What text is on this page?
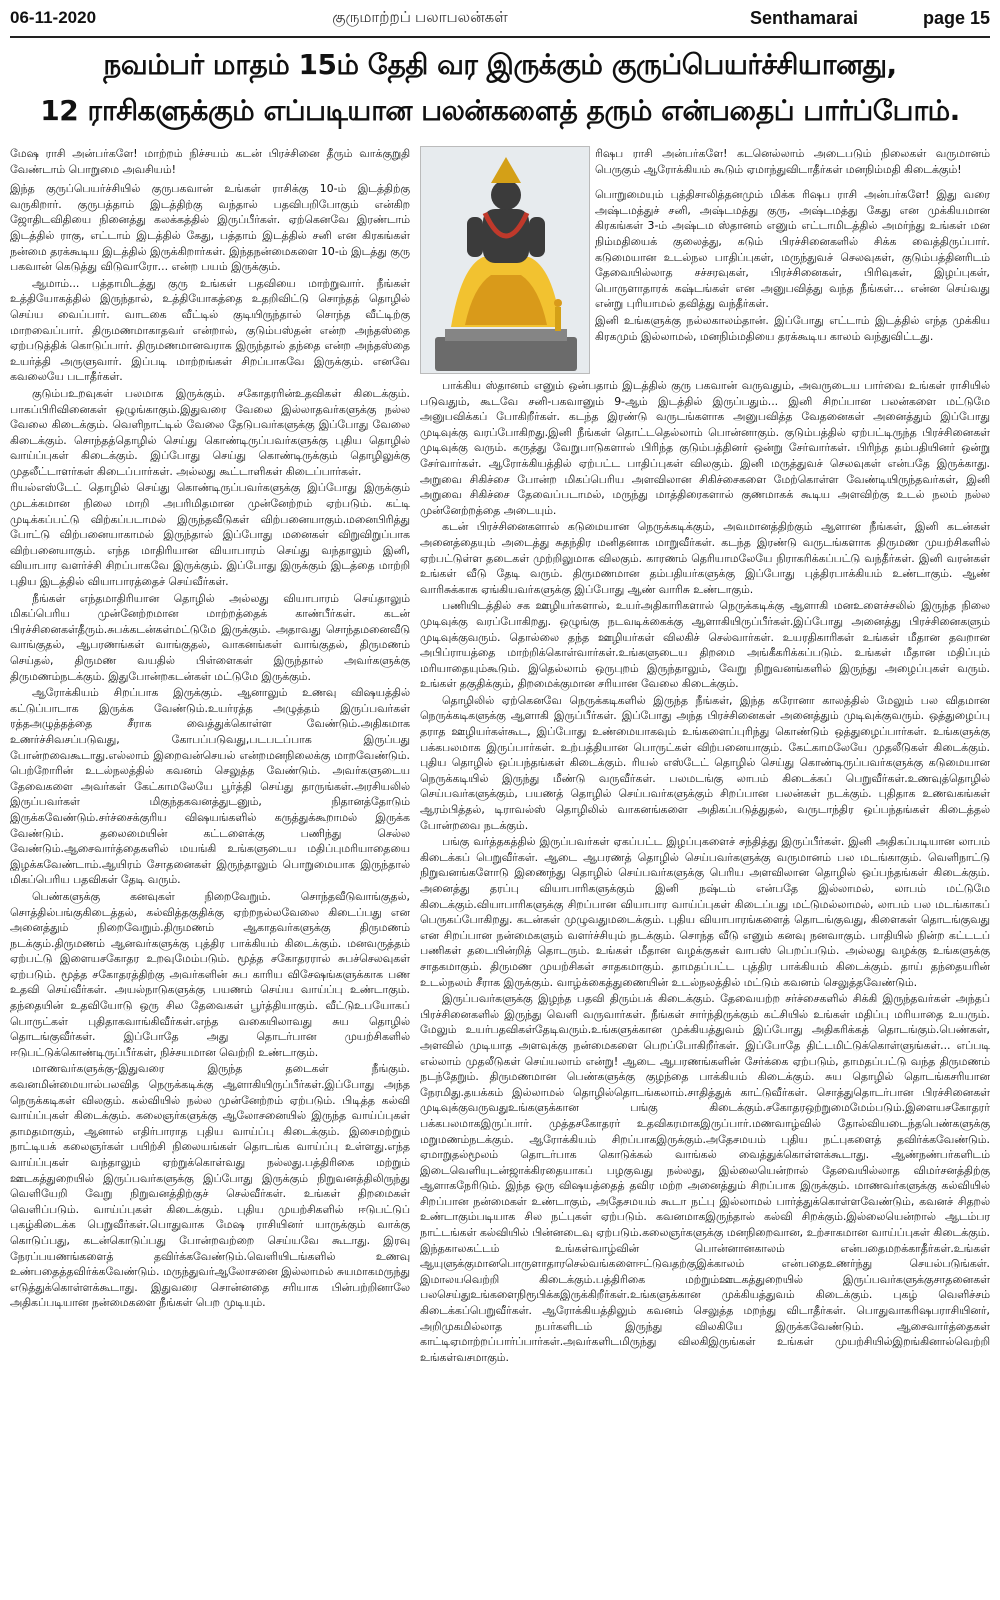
06-11-2020	குருமாற்றப் பலாபலன்கள்	Senthamarai	page 15
நவம்பர் மாதம் 15ம் தேதி வர இருக்கும் குருப்பெயர்ச்சியானது,
12 ராசிகளுக்கும் எப்படியான பலன்களைத் தரும் என்பதைப் பார்ப்போம்.

மேஷ ராசி அன்பர்களே! மாற்றம் நிச்சயம் கடன் பிரச்சினை தீரும் வாக்குறுதி வேண்டாம் பொறுமை அவசியம்!

இந்த குருப்பெயர்ச்சியில் குருபகவான் உங்கள் ராசிக்கு 10-ம் இடத்திற்கு வருகிறார். குருபத்தாம் இடத்திற்கு வந்தால் பதவிபறிபோகும் என்கிற ஜோதிடவிதியை நினைத்து கலக்கத்தில் இருப்பீர்கள். ஏற்கெனவே இரண்டாம் இடத்தில் ராகு, எட்டாம் இடத்தில் கேது, பத்தாம் இடத்தில் சனி என கிரகங்கள் நன்மை தரக்கூடிய இடத்தில் இருக்கிறார்கள். இந்தநன்மைகளை 10-ம் இடத்து குரு பகவான் கெடுத்து விடுவாரோ... என்ற பயம் இருக்கும்.

ஆமாம்... பத்தாமிடத்து குரு உங்கள் பதவியை மாற்றுவார். நீங்கள் உத்தியோகத்தில் இருந்தால், உத்தியோகத்தை உதறிவிட்டு சொந்தத் தொழில் செய்ய வைப்பார். வாடகை வீட்டில் குடியிருந்தால் சொந்த வீட்டிற்கு மாறவைப்பார். திருமணமாகாதவர் என்றால், குடும்பஸ்தன் என்ற அந்தஸ்தை ஏற்படுத்திக் கொடுப்பார். திருமணமானவராக இருந்தால் தந்தை என்ற அந்தஸ்தை உயர்த்தி அருளுவார். இப்படி மாற்றங்கள் சிறப்பாகவே இருக்கும். எனவே கவலையே படாதீர்கள்.

குடும்பஉறவுகள் பலமாக இருக்கும். சகோதரரின்உதவிகள் கிடைக்கும். பாகப்பிரிவினைகள் ஒழுங்காகும்.இதுவரை வேலை இல்லாதவர்களுக்கு நல்ல வேலை கிடைக்கும். வெளிநாட்டில் வேலை தேடுபவர்களுக்கு இப்போது வேலை கிடைக்கும். சொந்தத்தொழில் செய்து கொண்டிருப்பவர்களுக்கு புதிய தொழில் வாய்ப்புகள் கிடைக்கும். இப்போது செய்து கொண்டிருக்கும் தொழிலுக்கு முதலீட்டாளர்கள் கிடைப்பார்கள். அல்லது கூட்டாளிகள் கிடைப்பார்கள்.

ரியல்எஸ்டேட் தொழில் செய்து கொண்டிருப்பவர்களுக்கு இப்போது இருக்கும் முடக்கமான நிலை மாறி அபரிமிதமான முன்னேற்றம் ஏற்படும். கட்டி முடிக்கப்பட்டு விற்கப்படாமல் இருந்தவீடுகள் விற்பனையாகும்.மனைபிரித்து போட்டு விற்பனையாகாமல் இருந்தால் இப்போது மனைகள் விறுவிறுப்பாக விற்பனையாகும். எந்த மாதிரியான வியாபாரம் செய்து வந்தாலும் இனி, வியாபார வளர்ச்சி சிறப்பாகவே இருக்கும். இப்போது இருக்கும் இடத்தை மாற்றி புதிய இடத்தில் வியாபாரத்தைச் செய்வீர்கள்.

நீங்கள் எந்தமாதிரியான தொழில் அல்லது வியாபாரம் செய்தாலும் மிகப்பெரிய முன்னேற்றமான மாற்றத்தைக் காண்பீர்கள். கடன் பிரச்சினைகள்தீரும்.சுபக்கடன்கள்மட்டுமே இருக்கும். அதாவது சொந்தமனைவீடு வாங்குதல், ஆபரணங்கள் வாங்குதல், வாகனங்கள் வாங்குதல், திருமணம் செய்தல், திருமண வயதில் பிள்ளைகள் இருந்தால் அவர்களுக்கு திருமணம்நடக்கும். இதுபோன்றகடன்கள் மட்டுமே இருக்கும்.

ஆரோக்கியம் சிறப்பாக இருக்கும். ஆனாலும் உணவு விஷயத்தில் கட்டுப்பாடாக இருக்க வேண்டும்.உயர்ரத்த அழுத்தம் இருப்பவர்கள் ரத்தஅழுத்தத்தை சீராக வைத்துக்கொள்ள வேண்டும்.அதிகமாக உணர்ச்சிவசப்படுவது, கோபப்படுவது,படபடப்பாக இருப்பது போன்றவைகூடாது.எல்லாம் இறைவன்செயல் என்றமனநிலைக்கு மாறவேண்டும். பெற்றோரின் உடல்நலத்தில் கவனம் செலுத்த வேண்டும். அவர்களுடைய தேவைகளை அவர்கள் கேட்காமலேயே பூர்த்தி செய்து தாருங்கள்.அரசியலில் இருப்பவர்கள் மிகுந்தகவனத்துடனும், நிதானத்தோடும் இருக்கவேண்டும்.சர்ச்சைக்குரிய விஷயங்களில் கருத்துக்கூறாமல் இருக்க வேண்டும். தலைமையின் கட்டளைக்கு பணிந்து செல்ல வேண்டும்.ஆசைவார்த்தைகளில் மயங்கி உங்களுடைய மதிப்புமரியாதையை இழக்கவேண்டாம்.ஆயிரம் சோதனைகள் இருந்தாலும் பொறுமையாக இருந்தால் மிகப்பெரிய பதவிகள் தேடி வரும்.

பெண்களுக்கு கனவுகள் நிறைவேறும். சொந்தவீடுவாங்குதல், சொத்தில்பங்குகிடைத்தல், கல்வித்தகுதிக்கு ஏற்றநல்லவேலை கிடைப்பது என அனைத்தும் நிறைவேறும்.திருமணம் ஆகாதவர்களுக்கு திருமணம் நடக்கும்.திருமணம் ஆனவர்களுக்கு புத்திர பாக்கியம் கிடைக்கும். மனவருத்தம் ஏற்பட்டு இளையசகோதர உறவுமேம்படும். மூத்த சகோதரரால் சுபச்செலவுகள் ஏற்படும். மூத்த சகோதரத்திற்கு அவர்களின் சுப காரிய விசேஷங்களுக்காக பண உதவி செய்வீர்கள். அயல்நாடுகளுக்கு பயணம் செய்ய வாய்ப்பு உண்டாகும். தந்தையின் உதவியோடு ஒரு சில தேவைகள் பூர்த்தியாகும். வீட்டுஉபயோகப் பொருட்கள் புதிதாகவாங்கிவீர்கள்.எந்த வகையிலாவது சுய தொழில் தொடங்குவீர்கள். இப்போதே அது தொடர்பான முயற்சிகளில் ஈடுபட்டுக்கொண்டிருப்பீர்கள், நிச்சயமான வெற்றி உண்டாகும்.

மாணவர்களுக்கு-இதுவரை இருந்த தடைகள் நீங்கும். கவனமின்மையால்பலவித நெருக்கடிக்கு ஆளாகியிருப்பீர்கள்.இப்போது அந்த நெருக்கடிகள் விலகும். கல்வியில் நல்ல முன்னேற்றம் ஏற்படும். பிடித்த கல்வி வாய்ப்புகள் கிடைக்கும். கலைஞர்களுக்கு ஆலோசனையில் இருந்த வாய்ப்புகள் தாமதமாகும், ஆனால் எதிர்பாராத புதிய வாய்ப்பு கிடைக்கும். இசைமற்றும் நாட்டியக் கலைஞர்கள் பயிற்சி நிலையங்கள் தொடங்க வாய்ப்பு உள்ளது.எந்த வாய்ப்புகள் வந்தாலும் ஏற்றுக்கொள்வது நல்லது.பத்திரிகை மற்றும் ஊடகத்துறையில் இருப்பவர்களுக்கு இப்போது இருக்கும் நிறுவனத்திலிருந்து வெளியேறி வேறு நிறுவனத்திற்குச் செல்வீர்கள். உங்கள் திறமைகள் வெளிப்படும். வாய்ப்புகள் கிடைக்கும். புதிய முயற்சிகளில் ஈடுபட்டுப் புகழ்கிடைக்க பெறுவீர்கள்.பொதுவாக மேஷ ராசியினர் யாருக்கும் வாக்கு கொடுப்பது, கடன்கொடுப்பது போன்றவற்றை செய்யவே கூடாது. இரவு நேரப்பயணங்களைத் தவிர்க்கவேண்டும்.வெளியிடங்களில் உணவு உண்பதைத்தவிர்க்கவேண்டும். மருந்துவர்ஆலோசனை இல்லாமல் சுயமாகமருந்து எடுத்துக்கொள்ளக்கூடாது. இதுவரை சொன்னதை சரியாக பின்பற்றினாலே அதிகப்படியான நன்மைகளை நீங்கள் பெற முடியும்.

ரிஷப ராசி அன்பர்களே! கடனெல்லாம் அடைபடும் நிலைகள் வருமானம் பெருகும் ஆரோக்கியம் கூடும் ஏமாந்துவிடாதீர்கள் மனநிம்மதி கிடைக்கும்!

பொறுமையும் புத்திசாலித்தனமும் மிக்க ரிஷப ராசி அன்பர்களே! இது வரை அஷ்டமத்துச் சனி, அஷ்டமத்து குரு, அஷ்டமத்து கேது என முக்கியமான கிரகங்கள் 3-ம் அஷ்டம ஸ்தானம் எனும் எட்டாமிடத்தில் அமர்ந்து உங்கள் மன நிம்மதியைக் குலைத்து, கடும் பிரச்சினைகளில் சிக்க வைத்திருப்பார். கடுமையான உடல்நல பாதிப்புகள், மருந்துவச் செலவுகள், குடும்பத்தினரிடம் தேவையில்லாத சச்சரவுகள், பிரச்சினைகள், பிரிவுகள், இழப்புகள், பொருளாதாரக் கஷ்டங்கள் என அனுபவித்து வந்த நீங்கள்... என்ன செய்வது என்று புரியாமல் தவித்து வந்தீர்கள்.

இனி உங்களுக்கு நல்லகாலம்தான். இப்போது எட்டாம் இடத்தில் எந்த முக்கிய கிரகமும் இல்லாமல், மனநிம்மதியை தரக்கூடிய காலம் வந்துவிட்டது.

பாக்கிய ஸ்தானம் எனும் ஒன்பதாம் இடத்தில் குரு பகவான் வருவதும், அவருடைய பார்வை உங்கள் ராசியில் படுவதும், கூடவே சனி-பகவானும் 9-ஆம் இடத்தில் இருப்பதும்... இனி சிறப்பான பலன்களை மட்டுமே அனுபவிக்கப் போகிறீர்கள். கடந்த இரண்டு வருடங்களாக அனுபவித்த வேதனைகள் அனைத்தும் இப்போது முடிவுக்கு வரப்போகிறது.இனி நீங்கள் தொட்டதெல்லாம் பொன்னாகும். குடும்பத்தில் ஏற்பட்டிருந்த பிரச்சினைகள் முடிவுக்கு வரும். கருத்து வேறுபாடுகளால் பிரிந்த குடும்பத்தினர் ஒன்று சேர்வார்கள். பிரிந்த தம்பதியினர் ஒன்று சேர்வார்கள். ஆரோக்கியத்தில் ஏற்பட்ட பாதிப்புகள் விலகும். இனி மருத்துவச் செலவுகள் என்பதே இருக்காது. அறுவை சிகிச்சை போன்ற மிகப்பெரிய அளவிலான சிகிச்சைகளை மேற்கொள்ள வேண்டியிருந்தவர்கள், இனி அறுவை சிகிச்சை தேவைப்படாமல், மருந்து மாத்திரைகளால் குணமாகக் கூடிய அளவிற்கு உடல் நலம் நல்ல முன்னேற்றத்தை அடையும்.

கடன் பிரச்சினைகளால் கடுமையான நெருக்கடிக்கும், அவமானத்திற்கும் ஆளான நீங்கள், இனி கடன்கள் அனைத்தையும் அடைத்து சுதந்திர மனிதனாக மாறுவீர்கள். கடந்த இரண்டு வருடங்களாக திருமண முயற்சிகளில் ஏற்பட்டுள்ள தடைகள் முற்றிலுமாக விலகும். காரணம் தெரியாமலேயே நிராகரிக்கப்பட்டு வந்தீர்கள். இனி வரன்கள் உங்கள் வீடு தேடி வரும். திருமணமான தம்பதியர்களுக்கு இப்போது புத்திரபாக்கியம் உண்டாகும். ஆண் வாரிசுக்காக ஏங்கியவர்களுக்கு இப்போது ஆண் வாரிசு உண்டாகும்.

பணியிடத்தில் சக ஊழியர்களால், உயர்அதிகாரிகளால் நெருக்கடிக்கு ஆளாகி மனஉளைச்சலில் இருந்த நிலை முடிவுக்கு வரப்போகிறது. ஒழுங்கு நடவடிக்கைக்கு ஆளாகியிருப்பீர்கள்.இப்போது அனைத்து பிரச்சினைகளும் முடிவுக்குவரும். தொல்லை தந்த ஊழியர்கள் விலகிச் செல்வார்கள். உயரதிகாரிகள் உங்கள் மீதான தவறான அபிப்ராயத்தை மாற்றிக்கொள்வார்கள்.உங்களுடைய திறமை அங்கீகரிக்கப்படும். உங்கள் மீதான மதிப்பும் மரியாதையும்கூடும். இதெல்லாம் ஒருபுறம் இருந்தாலும், வேறு நிறுவனங்களில் இருந்து அழைப்புகள் வரும். உங்கள் தகுதிக்கும், திறமைக்குமான சரியான வேலை கிடைக்கும்.

தொழிலில் ஏற்கெனவே நெருக்கடிகளில் இருந்த நீங்கள், இந்த கரோனா காலத்தில் மேலும் பல விதமான நெருக்கடிகளுக்கு ஆளாகி இருப்பீர்கள். இப்போது அந்த பிரச்சினைகள் அனைத்தும் முடிவுக்குவரும். ஒத்துழைப்பு தராத ஊழியர்கள்கூட, இப்போது உண்மையாகவும் உங்களைப்புரிந்து கொண்டும் ஒத்துழைப்பார்கள். உங்களுக்கு பக்கபலமாக இருப்பார்கள். உற்பத்தியான பொருட்கள் விற்பனையாகும். கேட்காமலேயே முதலீடுகள் கிடைக்கும். புதிய தொழில் ஒப்பந்தங்கள் கிடைக்கும். ரியல் எஸ்டேட் தொழில் செய்து கொண்டிருப்பவர்களுக்கு கடுமையான நெருக்கடியில் இருந்து மீண்டு வருவீர்கள். பலமடங்கு லாபம் கிடைக்கப் பெறுவீர்கள்.உணவுத்தொழில் செய்பவர்களுக்கும், பயணத் தொழில் செய்பவர்களுக்கும் சிறப்பான பலன்கள் நடக்கும். புதிதாக உணவகங்கள் ஆரம்பித்தல், டிராவல்ஸ் தொழிலில் வாகனங்களை அதிகப்படுத்துதல், வருடாந்திர ஒப்பந்தங்கள் கிடைத்தல் போன்றவை நடக்கும்.

பங்கு வர்த்தகத்தில் இருப்பவர்கள் ஏகப்பட்ட இழப்புகளைச் சந்தித்து இருப்பீர்கள். இனி அதிகப்படியான லாபம் கிடைக்கப் பெறுவீர்கள். ஆடை ஆபரணத் தொழில் செய்பவர்களுக்கு வருமானம் பல மடங்காகும். வெளிநாட்டு நிறுவனங்களோடு இணைந்து தொழில் செய்பவர்களுக்கு பெரிய அளவிலான தொழில் ஒப்பந்தங்கள் கிடைக்கும். அனைத்து தரப்பு வியாபாரிகளுக்கும் இனி நஷ்டம் என்பதே இல்லாமல், லாபம் மட்டுமே கிடைக்கும்.வியாபாரிகளுக்கு சிறப்பான வியாபார வாய்ப்புகள் கிடைப்பது மட்டுமல்லாமல், லாபம் பல மடங்காகப் பெருகப்போகிறது. கடன்கள் முழுவதுமடைக்கும். புதிய வியாபாரங்களைத் தொடங்குவது, கிளைகள் தொடங்குவது என சிறப்பான நன்மைகளும் வளர்ச்சியும் நடக்கும். சொந்த வீடு எனும் கனவு நனவாகும். பாதியில் நின்ற கட்டடப் பணிகள் தடையின்றித் தொடரும். உங்கள் மீதான வழக்குகள் வாபஸ் பெறப்படும். அல்லது வழக்கு உங்களுக்கு சாதகமாகும். திருமண முயற்சிகள் சாதகமாகும். தாமதப்பட்ட புத்திர பாக்கியம் கிடைக்கும். தாய் தந்தையரின் உடல்நலம் சீராக இருக்கும். வாழ்க்கைத்துணையின் உடல்நலத்தில் மட்டும் கவனம் செலுத்தவேண்டும்.

இருப்பவர்களுக்கு இழந்த பதவி திரும்பக் கிடைக்கும். தேவையற்ற சர்ச்சைகளில் சிக்கி இருந்தவர்கள் அந்தப் பிரச்சினைகளில் இருந்து வெளி வருவார்கள். நீங்கள் சார்ந்திருக்கும் கட்சியில் உங்கள் மதிப்பு மரியாதை உயரும். மேலும் உயர்பதவிகள்தேடிவரும்.உங்களுக்கான முக்கியத்துவம் இப்போது அதிகரிக்கத் தொடங்கும்.பெண்கள், அளவில் முடியாத அளவுக்கு நன்மைகளை பெறப்போகிறீர்கள். இப்போதே திட்டமிட்டுக்கொள்ளுங்கள்... எப்படி எல்லாம் முதலீடுகள் செய்யலாம் என்று! ஆடை ஆபரணங்களின் சேர்க்கை ஏற்படும், தாமதப்பட்டு வந்த திருமணம் நடந்தேறும். திருமணமான பெண்களுக்கு குழந்தை பாக்கியம் கிடைக்கும். சுய தொழில் தொடங்கசரியான நேரமிது.தயக்கம் இல்லாமல் தொழில்தொடங்கலாம்.சாதித்துக் காட்டுவீர்கள். சொத்துதொடர்பான பிரச்சினைகள் முடிவுக்குவருவதுஉங்களுக்கான பங்கு கிடைக்கும்.சகோதரஒற்றுமைமேம்படும்.இளையசகோதரர் பக்கபலமாகஇருப்பார். முத்தசகோதரர் உதவிகரமாகஇருப்பார்.மணவாழ்வில் தோல்வியடைந்தபெண்களுக்கு மறுமணம்நடக்கும். ஆரோக்கியம் சிறப்பாகஇருக்கும்.அதேசமயம் புதிய நட்புகளைத் தவிர்க்கவேண்டும். ஏமாறுதல்மூலம் தொடர்பாக கொடுக்கல் வாங்கல் வைத்துக்கொள்ளக்கூடாது. ஆண்நண்பர்களிடம் இடைவெளியுடன்ஜாக்கிரதையாகப் பழகுவது நல்லது, இல்லையென்றால் தேவையில்லாத விமர்சனத்திற்கு ஆளாகநேரிடும். இந்த ஒரு விஷயத்தைத் தவிர மற்ற அனைத்தும் சிறப்பாக இருக்கும். மாணவர்களுக்கு கல்வியில் சிறப்பான நன்மைகள் உண்டாகும், அதேசமயம் கூடா நட்பு இல்லாமல் பார்த்துக்கொள்ளவேண்டும், கவனச் சிதறல் உண்டாகும்படியாக சில நட்புகள் ஏற்படும். கவனமாகஇருந்தால் கல்வி சிறக்கும்.இல்லையென்றால் ஆடம்பர நாட்டங்கள் கல்வியில் பின்னடைவு ஏற்படும்.கலைஞர்களுக்கு மனநிறைவான, உற்சாகமான வாய்ப்புகள் கிடைக்கும். இந்தகாலகட்டம் உங்கள்வாழ்வின் பொன்னானகாலம் என்பதைமறக்காதீர்கள்.உங்கள் ஆயுளுக்குமானபொருளாதாரசெல்வங்களைஈட்டுவதற்குஇக்காலம் என்பதைஉணர்ந்து செயல்படுங்கள். இமாலயவெற்றி கிடைக்கும்.பத்திரிகை மற்றும்ஊடகத்துறையில் இருப்பவர்களுக்குசாதனைகள் பலசெய்துஉங்களைநிரூபிக்கஇருக்கிறீர்கள்.உங்களுக்கான முக்கியத்துவம் கிடைக்கும். புகழ் வெளிச்சம் கிடைக்கப்பெறுவீர்கள். ஆரோக்கியத்திலும் கவனம் செலுத்த மறந்து விடாதீர்கள். பொதுவாகரிஷபராசியினர், அறிமுகமில்லாத நபர்களிடம் இருந்து விலகியே இருக்கவேண்டும். ஆசைவார்த்தைகள் காட்டிஏமாற்றப்பார்ப்பார்கள்.அவர்களிடமிருந்து விலகிஇருங்கள் உங்கள் முயற்சியில்இறங்கினால்வெற்றி உங்கள்வசமாகும்.
